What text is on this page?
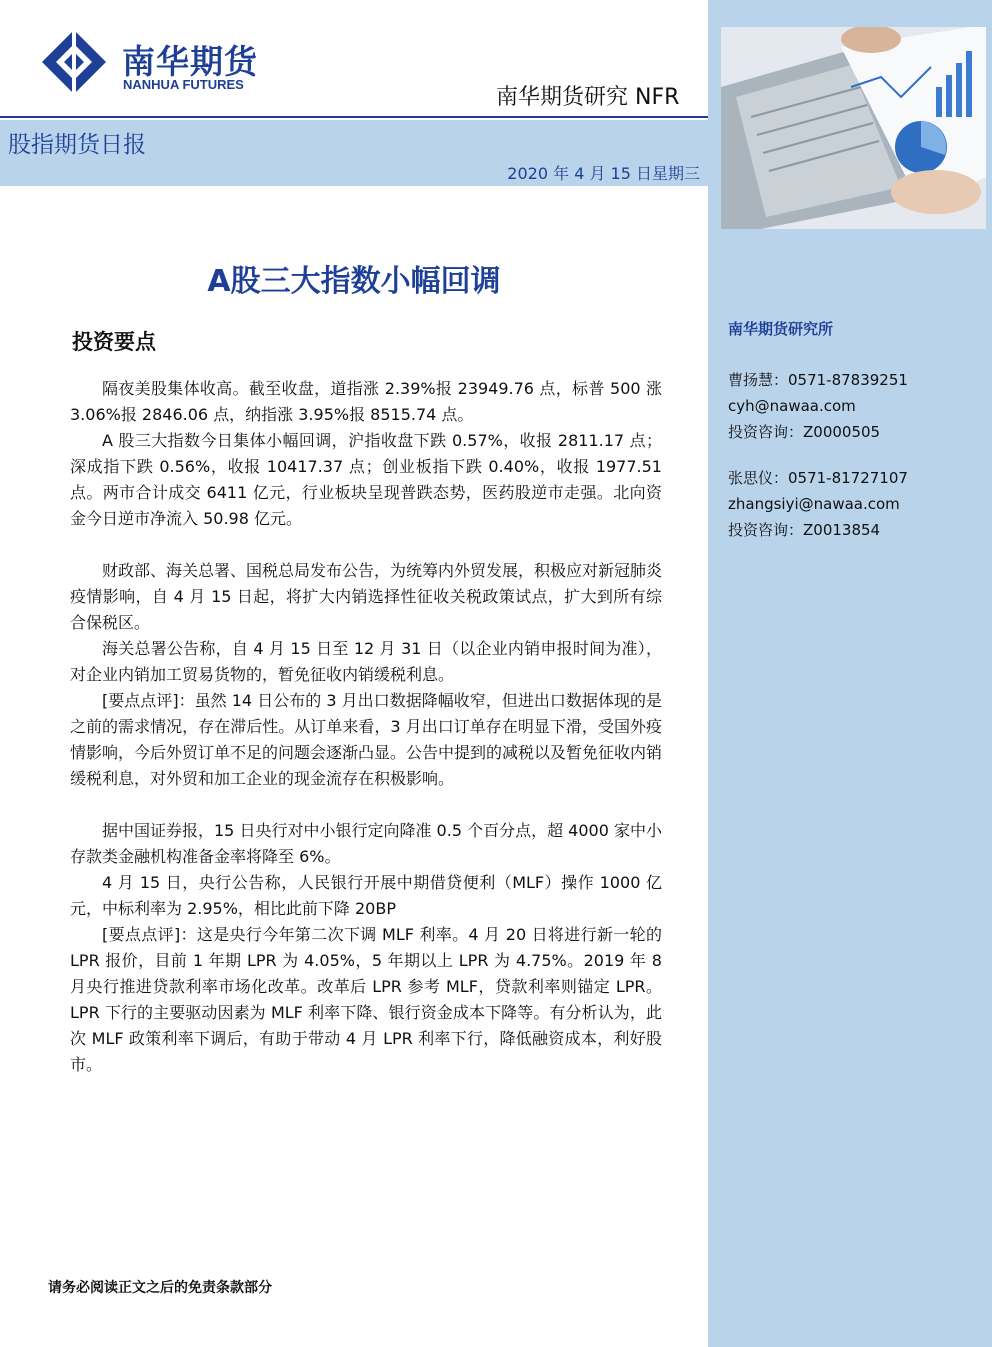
南华期货
NANHUA FUTURES
南华期货研究 NFR
股指期货日报
2020 年 4 月 15 日星期三
A股三大指数小幅回调
投资要点

隔夜美股集体收高。截至收盘，道指涨 2.39%报 23949.76 点，标普 500 涨 3.06%报 2846.06 点，纳指涨 3.95%报 8515.74 点。

A 股三大指数今日集体小幅回调，沪指收盘下跌 0.57%，收报 2811.17 点；深成指下跌 0.56%，收报 10417.37 点；创业板指下跌 0.40%，收报 1977.51 点。两市合计成交 6411 亿元，行业板块呈现普跌态势，医药股逆市走强。北向资金今日逆市净流入 50.98 亿元。

财政部、海关总署、国税总局发布公告，为统筹内外贸发展，积极应对新冠肺炎疫情影响，自 4 月 15 日起，将扩大内销选择性征收关税政策试点，扩大到所有综合保税区。

海关总署公告称，自 4 月 15 日至 12 月 31 日（以企业内销申报时间为准），对企业内销加工贸易货物的，暂免征收内销缓税利息。

[要点点评]：虽然 14 日公布的 3 月出口数据降幅收窄，但进出口数据体现的是之前的需求情况，存在滞后性。从订单来看，3 月出口订单存在明显下滑，受国外疫情影响，今后外贸订单不足的问题会逐渐凸显。公告中提到的减税以及暂免征收内销缓税利息，对外贸和加工企业的现金流存在积极影响。

据中国证券报，15 日央行对中小银行定向降准 0.5 个百分点，超 4000 家中小存款类金融机构准备金率将降至 6%。

4 月 15 日，央行公告称，人民银行开展中期借贷便利（MLF）操作 1000 亿元，中标利率为 2.95%，相比此前下降 20BP

[要点点评]：这是央行今年第二次下调 MLF 利率。4 月 20 日将进行新一轮的 LPR 报价，目前 1 年期 LPR 为 4.05%，5 年期以上 LPR 为 4.75%。2019 年 8 月央行推进贷款利率市场化改革。改革后 LPR 参考 MLF，贷款利率则锚定 LPR。LPR 下行的主要驱动因素为 MLF 利率下降、银行资金成本下降等。有分析认为，此次 MLF 政策利率下调后，有助于带动 4 月 LPR 利率下行，降低融资成本，利好股市。

南华期货研究所
曹扬慧：0571-87839251
cyh@nawaa.com
投资咨询：Z0000505
张思仪：0571-81727107
zhangsiyi@nawaa.com
投资咨询：Z0013854
请务必阅读正文之后的免责条款部分
